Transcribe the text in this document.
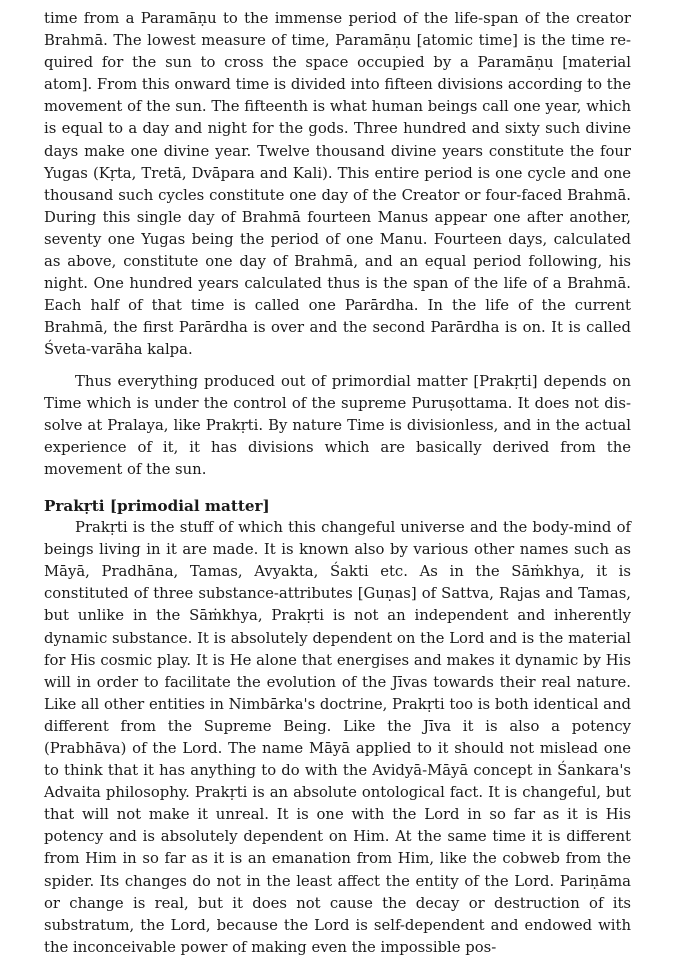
time from a Paramāṇu to the immense period of the life-span of the creator Brahmā. The lowest measure of time, Paramāṇu [atomic time] is the time required for the sun to cross the space occupied by a Paramāṇu [material atom]. From this onward time is divided into fifteen divisions according to the movement of the sun. The fifteenth is what human beings call one year, which is equal to a day and night for the gods. Three hundred and sixty such divine days make one divine year. Twelve thousand divine years constitute the four Yugas (Kṛta, Tretā, Dvāpara and Kali). This entire period is one cycle and one thousand such cycles constitute one day of the Creator or four-faced Brahmā. During this single day of Brahmā fourteen Manus appear one after another, seventy one Yugas being the period of one Manu. Fourteen days, calculated as above, constitute one day of Brahmā, and an equal period following, his night. One hundred years calculated thus is the span of the life of a Brahmā. Each half of that time is called one Parārdha. In the life of the current Brahmā, the first Parārdha is over and the second Parārdha is on. It is called Śveta-varāha kalpa.

Thus everything produced out of primordial matter [Prakṛti] depends on Time which is under the control of the supreme Puruṣottama. It does not dissolve at Pralaya, like Prakṛti. By nature Time is divisionless, and in the actual experience of it, it has divisions which are basically derived from the movement of the sun.

Prakṛti [primodial matter]

Prakṛti is the stuff of which this changeful universe and the body-mind of beings living in it are made. It is known also by various other names such as Māyā, Pradhāna, Tamas, Avyakta, Śakti etc. As in the Sāṁkhya, it is constituted of three substance-attributes [Guṇas] of Sattva, Rajas and Tamas, but unlike in the Sāṁkhya, Prakṛti is not an independent and inherently dynamic substance. It is absolutely dependent on the Lord and is the material for His cosmic play. It is He alone that energises and makes it dynamic by His will in order to facilitate the evolution of the Jīvas towards their real nature. Like all other entities in Nimbārka's doctrine, Prakṛti too is both identical and different from the Supreme Being. Like the Jīva it is also a potency (Prabhāva) of the Lord. The name Māyā applied to it should not mislead one to think that it has anything to do with the Avidyā-Māyā concept in Śankara's Advaita philosophy. Prakṛti is an absolute ontological fact. It is changeful, but that will not make it unreal. It is one with the Lord in so far as it is His potency and is absolutely dependent on Him. At the same time it is different from Him in so far as it is an emanation from Him, like the cobweb from the spider. Its changes do not in the least affect the entity of the Lord. Pariṇāma or change is real, but it does not cause the decay or destruction of its substratum, the Lord, because the Lord is self-dependent and endowed with the inconceivable power of making even the impossible pos-
